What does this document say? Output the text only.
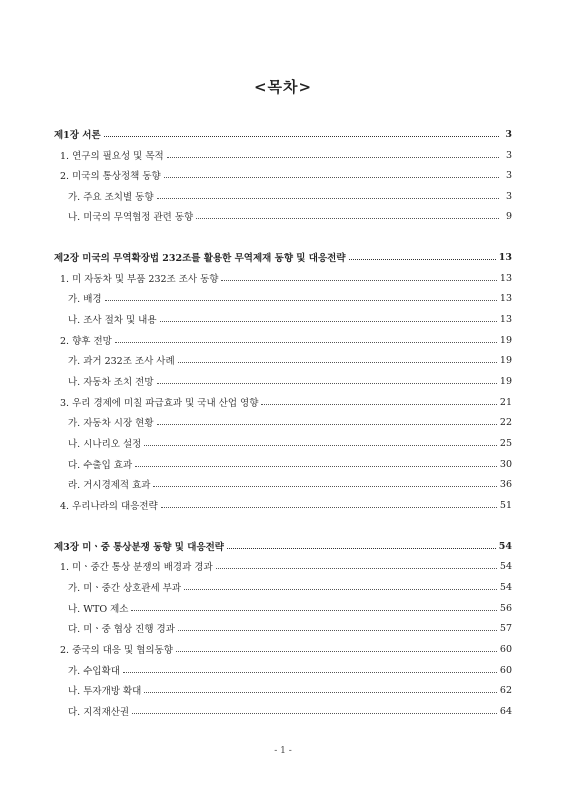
<목차>
제1장 서론	3
1. 연구의 필요성 및 목적	3
2. 미국의 통상정책 동향	3
가. 주요 조치별 동향	3
나. 미국의 무역협정 관련 동향	9
제2장 미국의 무역확장법 232조를 활용한 무역제재 동향 및 대응전략	13
1. 미 자동차 및 부품 232조 조사 동향	13
가. 배경	13
나. 조사 절차 및 내용	13
2. 향후 전망	19
가. 과거 232조 조사 사례	19
나. 자동차 조치 전망	19
3. 우리 경제에 미칠 파급효과 및 국내 산업 영향	21
가. 자동차 시장 현황	22
나. 시나리오 설정	25
다. 수출입 효과	30
라. 거시경제적 효과	36
4. 우리나라의 대응전략	51
제3장 미ㆍ중 통상분쟁 동향 및 대응전략	54
1. 미ㆍ중간 통상 분쟁의 배경과 경과	54
가. 미ㆍ중간 상호관세 부과	54
나. WTO 제소	56
다. 미ㆍ중 협상 진행 경과	57
2. 중국의 대응 및 협의동향	60
가. 수입확대	60
나. 투자개방 확대	62
다. 지적재산권	64
- 1 -
